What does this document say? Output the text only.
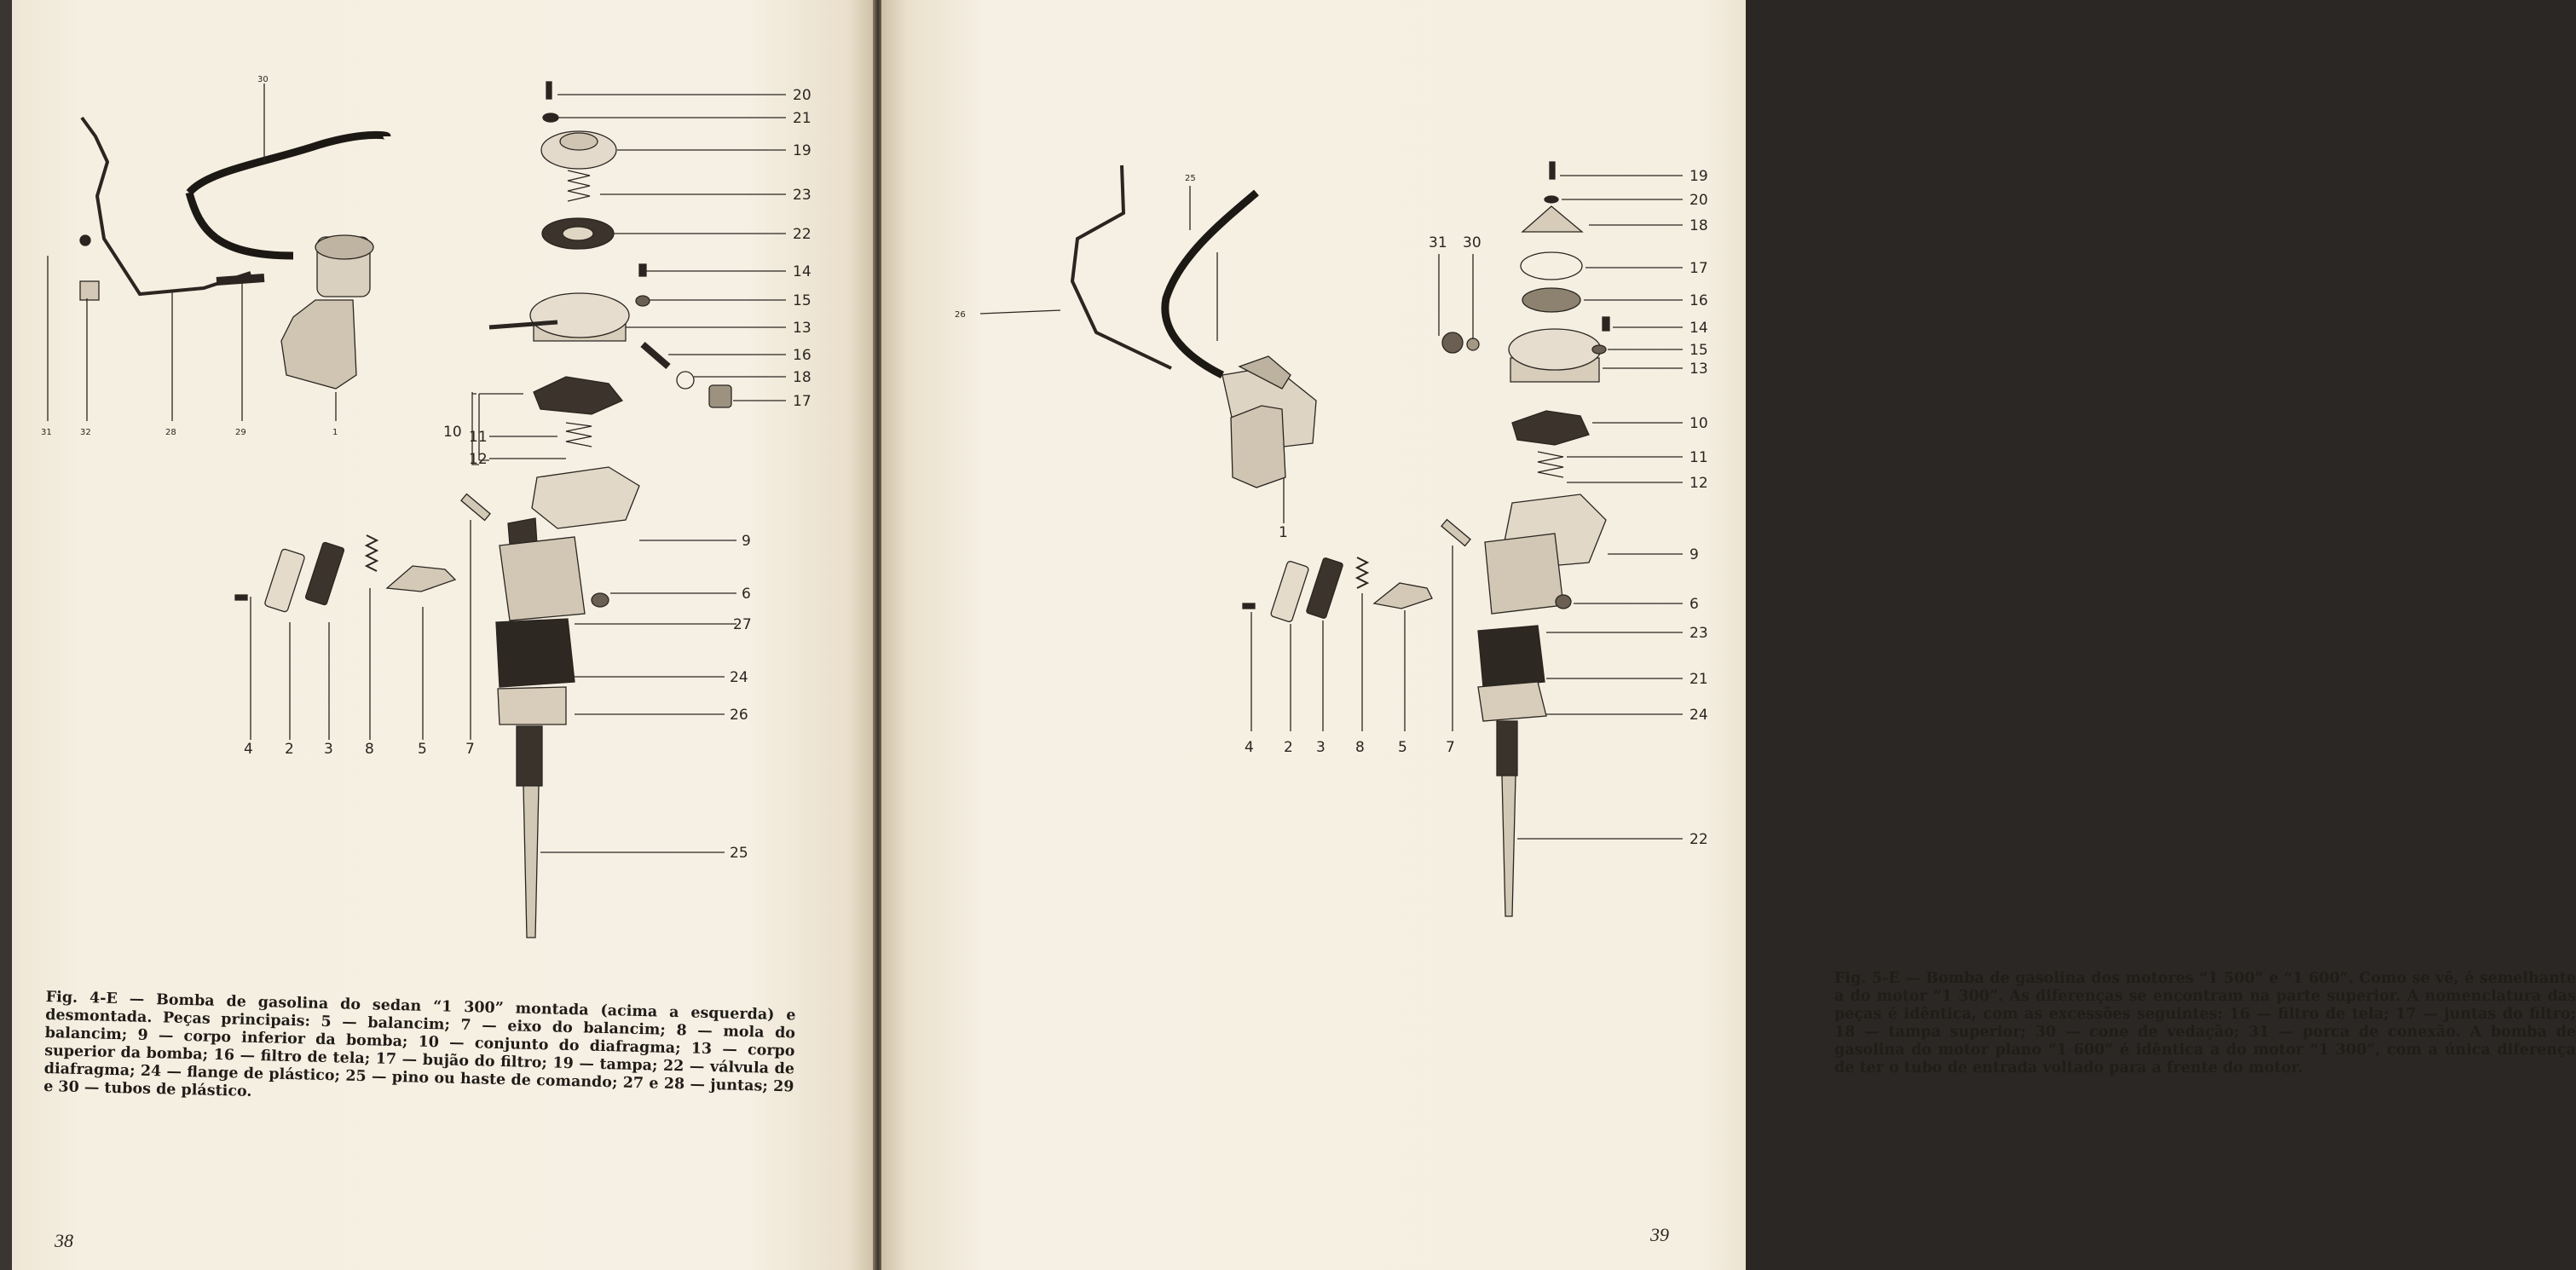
20
21
19
23
22
14
15
13
16
18
17
9
6
27
24
26
25
10 11
12
4 2 3 8	5	7
30
31	32	28	29	1
Fig. 4-E — Bomba de gasolina do sedan “1 300” montada (acima a esquerda) e desmontada. Peças principais: 5 — balancim; 7 — eixo do balancim; 8 — mola do balancim; 9 — corpo inferior da bomba; 10 — conjunto do diafragma; 13 — corpo superior da bomba; 16 — filtro de tela; 17 — bujão do filtro; 19 — tampa; 22 — válvula de diafragma; 24 — flange de plástico; 25 — pino ou haste de comando; 27 e 28 — juntas; 29 e 30 — tubos de plástico.
38
19
20
18
17
16
14
15
13
10
11
12
9
6
23
21
24
22
31 30
4 2 3 8 5	7
1
25
26
Fig. 5-E — Bomba de gasolina dos motores “1 500” e “1 600”. Como se vê, é semelhante a do motor “1 300”. As diferenças se encontram na parte superior. A nomenclatura das peças é idêntica, com as excessões seguintes: 16 — filtro de tela; 17 — juntas do filtro; 18 — tampa superior; 30 — cone de vedação; 31 — porca de conexão. A bomba de gasolina do motor plano “1 600” é idêntica a do motor “1 300”, com a única diferença de ter o tubo de entrada voltado para a frente do motor.
39
